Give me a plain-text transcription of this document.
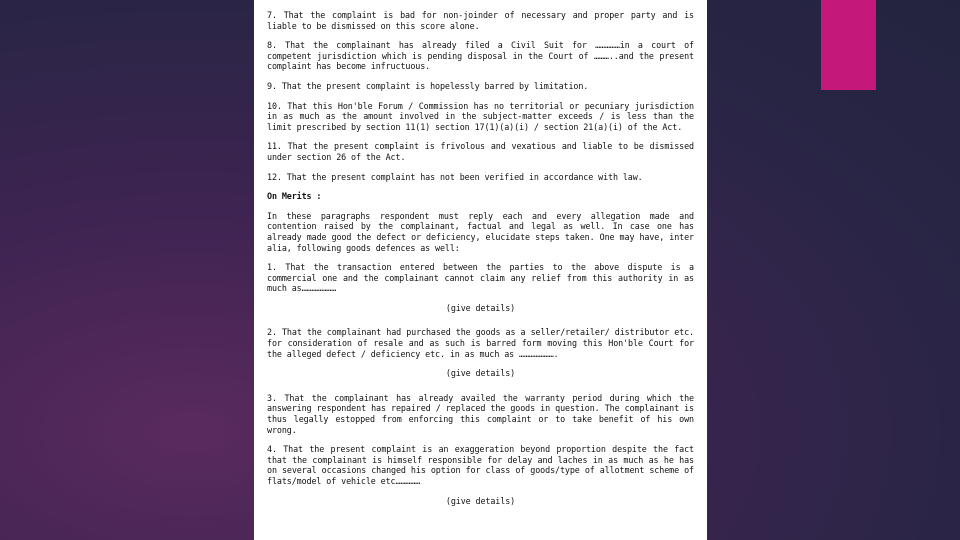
7. That the complaint is bad for non-joinder of necessary and proper party and is liable to be dismissed on this score alone.

8. That the complainant has already filed a Civil Suit for ……………in a court of competent jurisdiction which is pending disposal in the Court of ………..and the present complaint has become infructuous.

9. That the present complaint is hopelessly barred by limitation.

10. That this Hon'ble Forum / Commission has no territorial or pecuniary jurisdiction in as much as the amount involved in the subject-matter exceeds / is less than the limit prescribed by section 11(1) section 17(1)(a)(i) / section 21(a)(i) of the Act.

11. That the present complaint is frivolous and vexatious and liable to be dismissed under section 26 of the Act.

12. That the present complaint has not been verified in accordance with law.

On Merits :

In these paragraphs respondent must reply each and every allegation made and contention raised by the complainant, factual and legal as well. In case one has already made good the defect or deficiency, elucidate steps taken. One may have, inter alia, following goods defences as well:

1. That the transaction entered between the parties to the above dispute is a commercial one and the complainant cannot claim any relief from this authority in as much as…………………

(give details)

2. That the complainant had purchased the goods as a seller/retailer/ distributor etc. for consideration of resale and as such is barred form moving this Hon'ble Court for the alleged defect / deficiency etc. in as much as ………………….

(give details)

3. That the complainant has already availed the warranty period during which the answering respondent has repaired / replaced the goods in question. The complainant is thus legally estopped from enforcing this complaint or to take benefit of his own wrong.

4. That the present complaint is an exaggeration beyond proportion despite the fact that the complainant is himself responsible for delay and laches in as much as he has on several occasions changed his option for class of goods/type of allotment scheme of flats/model of vehicle etc……………

(give details)
